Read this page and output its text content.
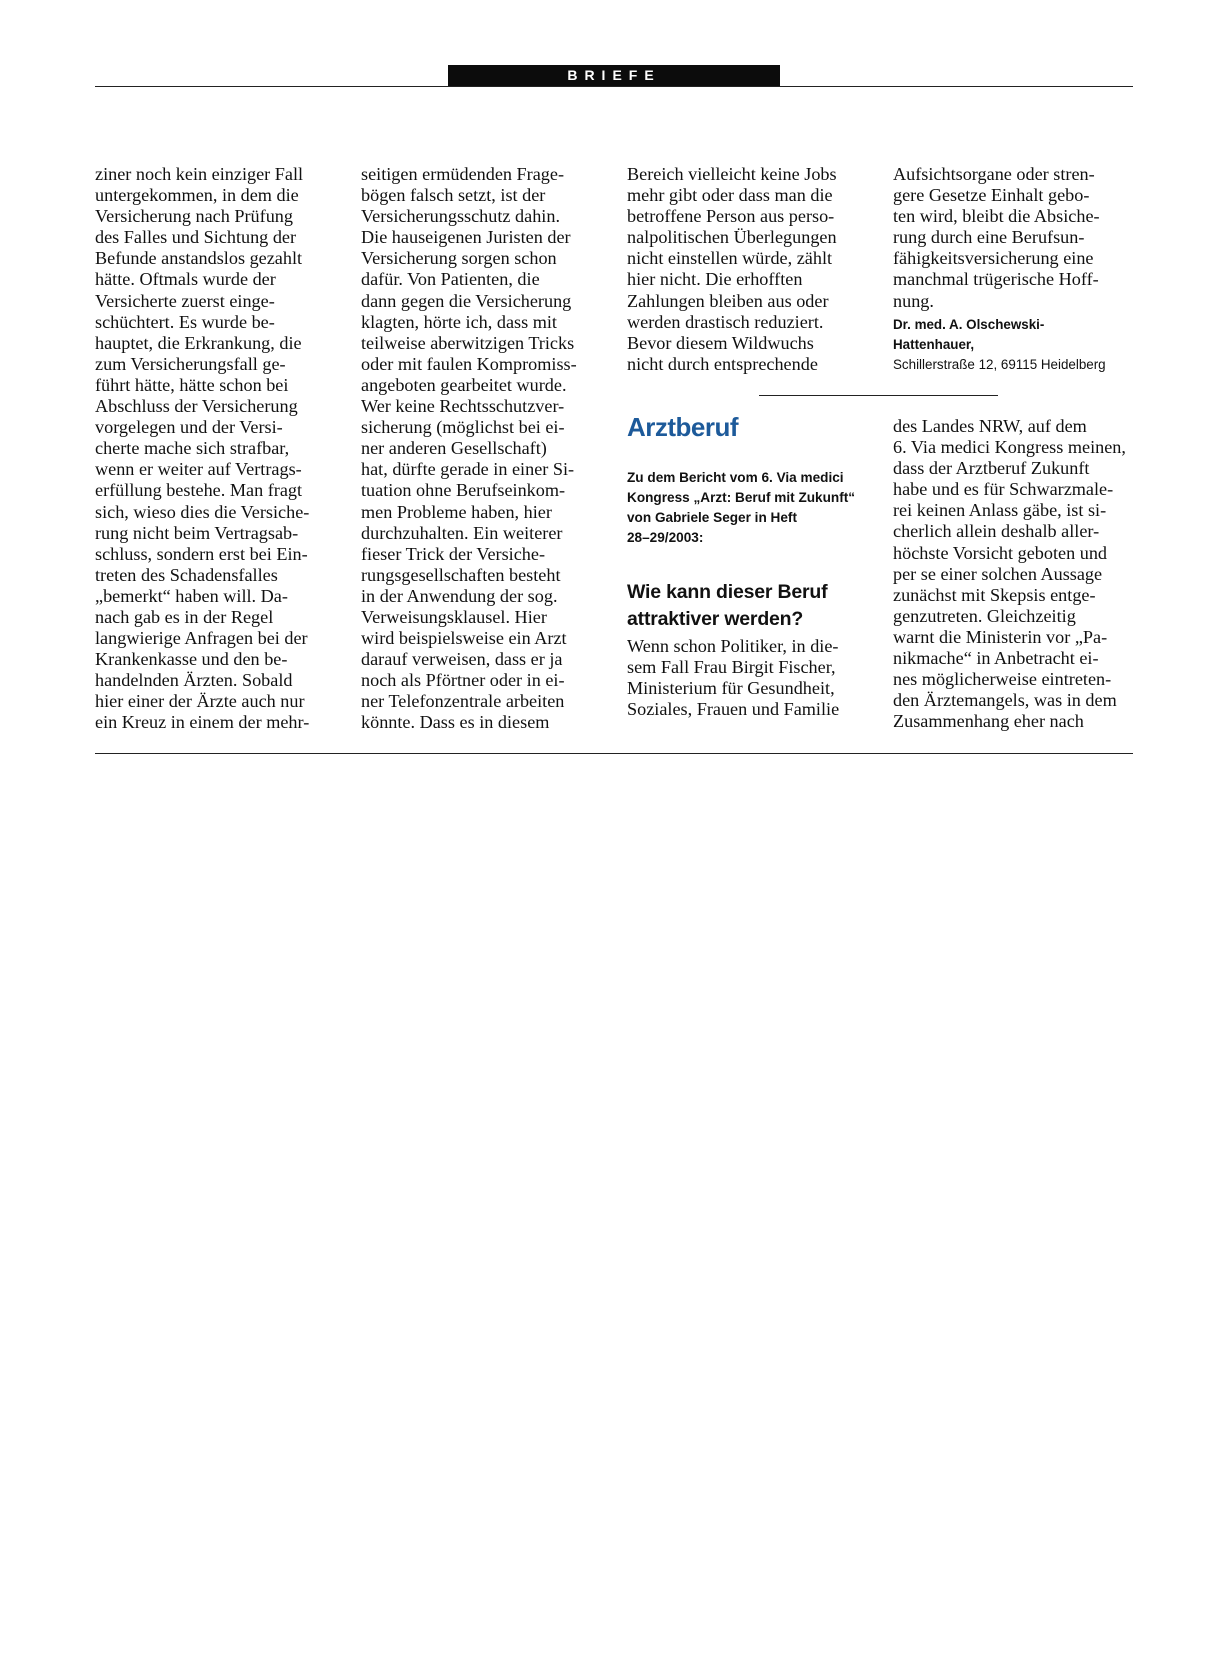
BRIEFE
ziner noch kein einziger Fall
untergekommen, in dem die
Versicherung nach Prüfung
des Falles und Sichtung der
Befunde anstandslos gezahlt
hätte. Oftmals wurde der
Versicherte zuerst einge-
schüchtert. Es wurde be-
hauptet, die Erkrankung, die
zum Versicherungsfall ge-
führt hätte, hätte schon bei
Abschluss der Versicherung
vorgelegen und der Versi-
cherte mache sich strafbar,
wenn er weiter auf Vertrags-
erfüllung bestehe. Man fragt
sich, wieso dies die Versiche-
rung nicht beim Vertragsab-
schluss, sondern erst bei Ein-
treten des Schadensfalles
„bemerkt“ haben will. Da-
nach gab es in der Regel
langwierige Anfragen bei der
Krankenkasse und den be-
handelnden Ärzten. Sobald
hier einer der Ärzte auch nur
ein Kreuz in einem der mehr-
seitigen ermüdenden Frage-
bögen falsch setzt, ist der
Versicherungsschutz dahin.
Die hauseigenen Juristen der
Versicherung sorgen schon
dafür. Von Patienten, die
dann gegen die Versicherung
klagten, hörte ich, dass mit
teilweise aberwitzigen Tricks
oder mit faulen Kompromiss-
angeboten gearbeitet wurde.
Wer keine Rechtsschutzver-
sicherung (möglichst bei ei-
ner anderen Gesellschaft)
hat, dürfte gerade in einer Si-
tuation ohne Berufseinkom-
men Probleme haben, hier
durchzuhalten. Ein weiterer
fieser Trick der Versiche-
rungsgesellschaften besteht
in der Anwendung der sog.
Verweisungsklausel. Hier
wird beispielsweise ein Arzt
darauf verweisen, dass er ja
noch als Pförtner oder in ei-
ner Telefonzentrale arbeiten
könnte. Dass es in diesem
Bereich vielleicht keine Jobs
mehr gibt oder dass man die
betroffene Person aus perso-
nalpolitischen Überlegungen
nicht einstellen würde, zählt
hier nicht. Die erhofften
Zahlungen bleiben aus oder
werden drastisch reduziert.
Bevor diesem Wildwuchs
nicht durch entsprechende
Aufsichtsorgane oder stren-
gere Gesetze Einhalt gebo-
ten wird, bleibt die Absiche-
rung durch eine Berufsun-
fähigkeitsversicherung eine
manchmal trügerische Hoff-
nung.
Dr. med. A. Olschewski-
Hattenhauer,
Schillerstraße 12, 69115 Heidelberg
Arztberuf
Zu dem Bericht vom 6. Via medici
Kongress „Arzt: Beruf mit Zukunft“
von Gabriele Seger in Heft
28–29/2003:
Wie kann dieser Beruf
attraktiver werden?
Wenn schon Politiker, in die-
sem Fall Frau Birgit Fischer,
Ministerium für Gesundheit,
Soziales, Frauen und Familie
des Landes NRW, auf dem
6. Via medici Kongress meinen,
dass der Arztberuf Zukunft
habe und es für Schwarzmale-
rei keinen Anlass gäbe, ist si-
cherlich allein deshalb aller-
höchste Vorsicht geboten und
per se einer solchen Aussage
zunächst mit Skepsis entge-
genzutreten. Gleichzeitig
warnt die Ministerin vor „Pa-
nikmache“ in Anbetracht ei-
nes möglicherweise eintreten-
den Ärztemangels, was in dem
Zusammenhang eher nach
